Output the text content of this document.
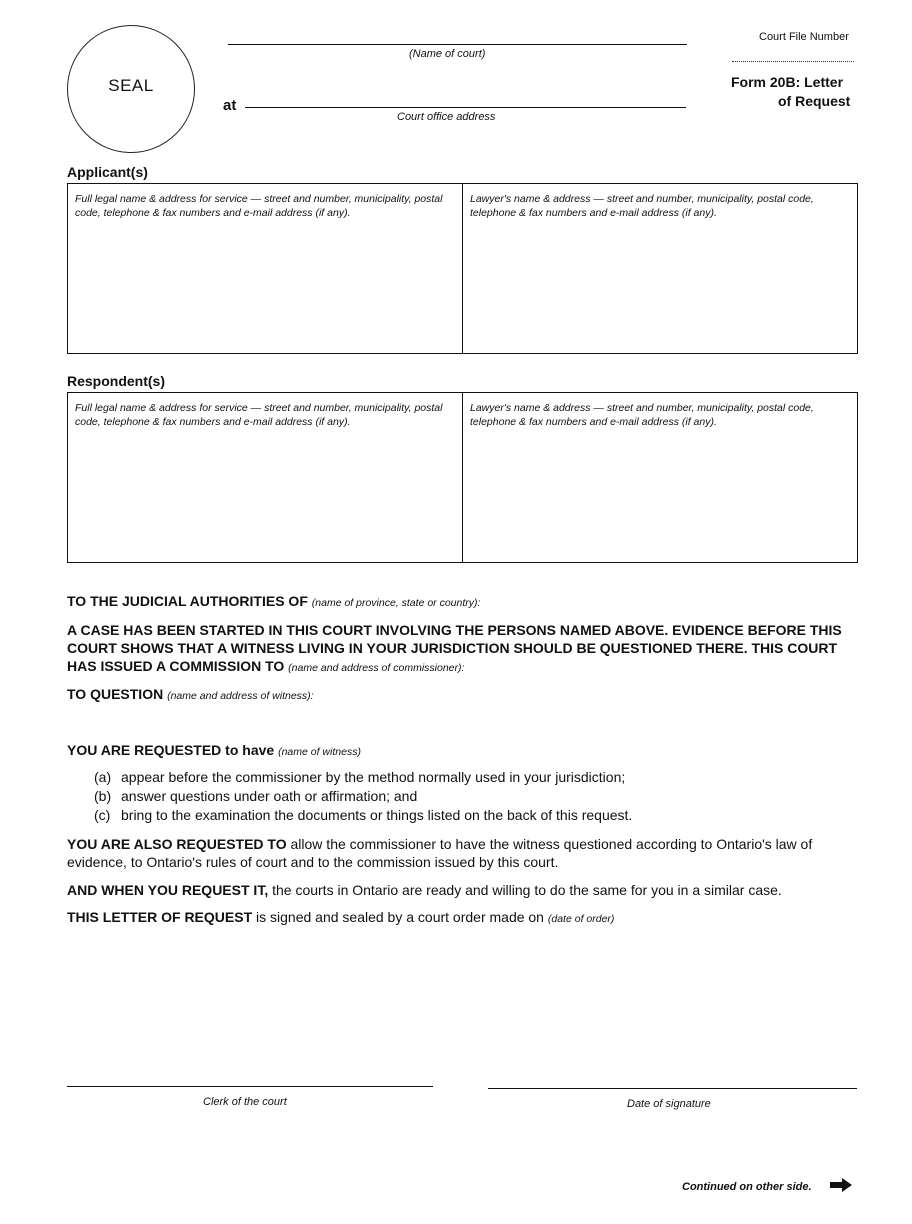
SEAL
(Name of court)
at
Court office address
Court File Number
Form 20B: Letter
of Request
Applicant(s)
Full legal name & address for service — street and number, municipality, postal code, telephone & fax numbers and e-mail address (if any).
Lawyer's name & address — street and number, municipality, postal code, telephone & fax numbers and e-mail address (if any).
Respondent(s)
Full legal name & address for service — street and number, municipality, postal code, telephone & fax numbers and e-mail address (if any).
Lawyer's name & address — street and number, municipality, postal code, telephone & fax numbers and e-mail address (if any).
TO THE JUDICIAL AUTHORITIES OF (name of province, state or country):
A CASE HAS BEEN STARTED IN THIS COURT INVOLVING THE PERSONS NAMED ABOVE. EVIDENCE BEFORE THIS COURT SHOWS THAT A WITNESS LIVING IN YOUR JURISDICTION SHOULD BE QUESTIONED THERE. THIS COURT HAS ISSUED A COMMISSION TO (name and address of commissioner):
TO QUESTION (name and address of witness):
YOU ARE REQUESTED to have (name of witness)
(a) appear before the commissioner by the method normally used in your jurisdiction;
(b) answer questions under oath or affirmation; and
(c) bring to the examination the documents or things listed on the back of this request.
YOU ARE ALSO REQUESTED TO allow the commissioner to have the witness questioned according to Ontario's law of evidence, to Ontario's rules of court and to the commission issued by this court.
AND WHEN YOU REQUEST IT, the courts in Ontario are ready and willing to do the same for you in a similar case.
THIS LETTER OF REQUEST is signed and sealed by a court order made on (date of order)
Clerk of the court	Date of signature
Continued on other side.
